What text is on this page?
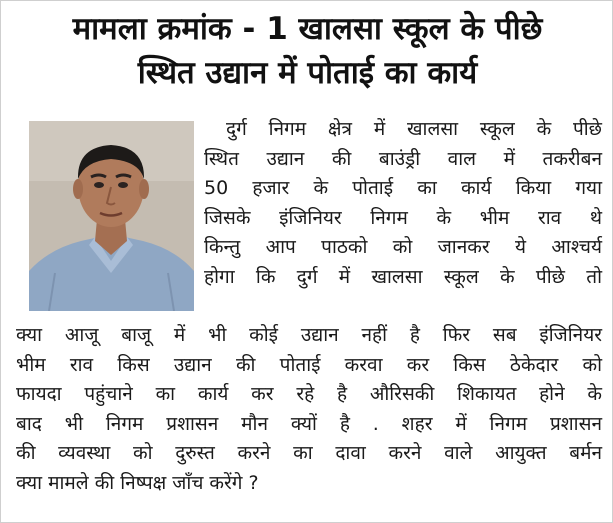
मामला क्रमांक - 1 खालसा स्कूल के पीछे
स्थित उद्यान में पोताई का कार्य
दुर्ग निगम क्षेत्र में खालसा स्कूल के पीछे
स्थित उद्यान की बाउंड्री वाल में तकरीबन
50 हजार के पोताई का कार्य किया गया
जिसके इंजिनियर निगम के भीम राव थे
किन्तु आप पाठको को जानकर ये आश्चर्य
होगा कि दुर्ग में खालसा स्कूल के पीछे तो
क्या आजू बाजू में भी कोई उद्यान नहीं है फिर सब इंजिनियर
भीम राव किस उद्यान की पोताई करवा कर किस ठेकेदार को
फायदा पहुंचाने का कार्य कर रहे है औरिसकी शिकायत होने के
बाद भी निगम प्रशासन मौन क्यों है . शहर में निगम प्रशासन
की व्यवस्था को दुरुस्त करने का दावा करने वाले आयुक्त बर्मन
क्या मामले की निष्पक्ष जाँच करेंगे ?
